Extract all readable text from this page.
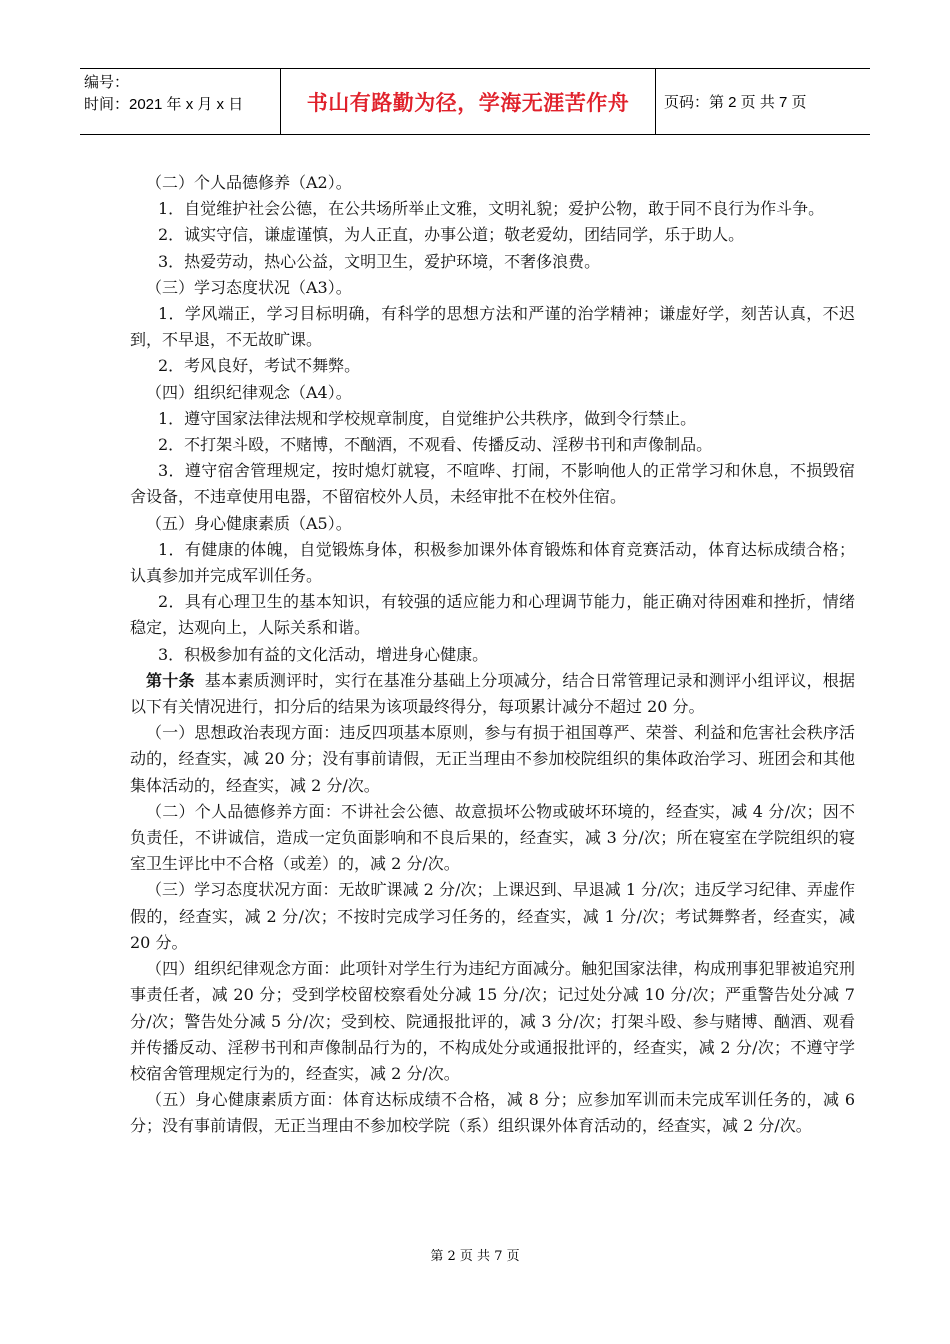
编号：
时间：2021 年 x 月 x 日	书山有路勤为径，学海无涯苦作舟 页码：第 2 页 共 7 页

（二）个人品德修养（A2）。

1．自觉维护社会公德，在公共场所举止文雅，文明礼貌；爱护公物，敢于同不良行为作斗争。

2．诚实守信，谦虚谨慎，为人正直，办事公道；敬老爱幼，团结同学，乐于助人。

3．热爱劳动，热心公益，文明卫生，爱护环境，不奢侈浪费。

（三）学习态度状况（A3）。

1．学风端正，学习目标明确，有科学的思想方法和严谨的治学精神；谦虚好学，刻苦认真，不迟到，不早退，不无故旷课。

2．考风良好，考试不舞弊。

（四）组织纪律观念（A4）。

1．遵守国家法律法规和学校规章制度，自觉维护公共秩序，做到令行禁止。

2．不打架斗殴，不赌博，不酗酒，不观看、传播反动、淫秽书刊和声像制品。

3．遵守宿舍管理规定，按时熄灯就寝，不喧哗、打闹，不影响他人的正常学习和休息，不损毁宿舍设备，不违章使用电器，不留宿校外人员，未经审批不在校外住宿。

（五）身心健康素质（A5）。

1．有健康的体魄，自觉锻炼身体，积极参加课外体育锻炼和体育竞赛活动，体育达标成绩合格；认真参加并完成军训任务。

2．具有心理卫生的基本知识，有较强的适应能力和心理调节能力，能正确对待困难和挫折，情绪稳定，达观向上，人际关系和谐。

3．积极参加有益的文化活动，增进身心健康。

第十条 基本素质测评时，实行在基准分基础上分项减分，结合日常管理记录和测评小组评议，根据以下有关情况进行，扣分后的结果为该项最终得分，每项累计减分不超过 20 分。

（一）思想政治表现方面：违反四项基本原则，参与有损于祖国尊严、荣誉、利益和危害社会秩序活动的，经查实，减 20 分；没有事前请假，无正当理由不参加校院组织的集体政治学习、班团会和其他集体活动的，经查实，减 2 分/次。

（二）个人品德修养方面：不讲社会公德、故意损坏公物或破坏环境的，经查实，减 4 分/次；因不负责任，不讲诚信，造成一定负面影响和不良后果的，经查实，减 3 分/次；所在寝室在学院组织的寝室卫生评比中不合格（或差）的，减 2 分/次。

（三）学习态度状况方面：无故旷课减 2 分/次；上课迟到、早退减 1 分/次；违反学习纪律、弄虚作假的，经查实，减 2 分/次；不按时完成学习任务的，经查实，减 1 分/次；考试舞弊者，经查实，减 20 分。

（四）组织纪律观念方面：此项针对学生行为违纪方面减分。触犯国家法律，构成刑事犯罪被追究刑事责任者，减 20 分；受到学校留校察看处分减 15 分/次；记过处分减 10 分/次；严重警告处分减 7 分/次；警告处分减 5 分/次；受到校、院通报批评的，减 3 分/次；打架斗殴、参与赌博、酗酒、观看并传播反动、淫秽书刊和声像制品行为的，不构成处分或通报批评的，经查实，减 2 分/次；不遵守学校宿舍管理规定行为的，经查实，减 2 分/次。

（五）身心健康素质方面：体育达标成绩不合格，减 8 分；应参加军训而未完成军训任务的，减 6 分；没有事前请假，无正当理由不参加校学院（系）组织课外体育活动的，经查实，减 2 分/次。

第 2 页 共 7 页
